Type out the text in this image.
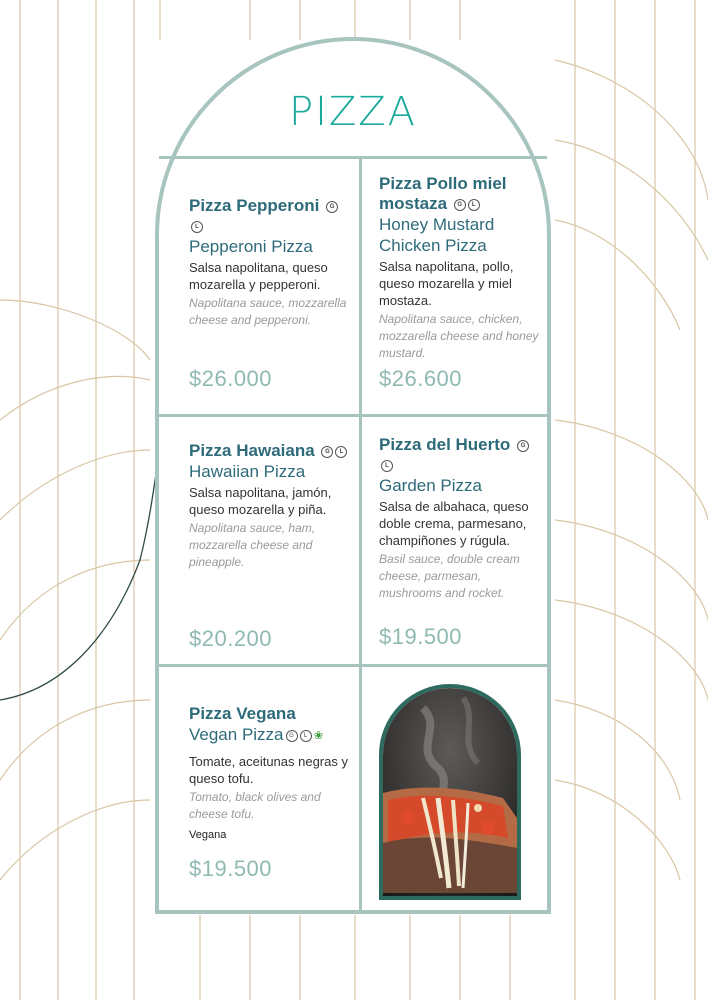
PIZZA

Pizza Pepperoni GL

Pepperoni Pizza

Salsa napolitana, queso mozarella y pepperoni.

Napolitana sauce, mozzarella cheese and pepperoni.

$26.000

Pizza Pollo miel mostaza G L

Honey Mustard Chicken Pizza

Salsa napolitana, pollo, queso mozarella y miel mostaza.

Napolitana sauce, chicken, mozzarella cheese and honey mustard.

$26.600

Pizza Hawaiana G L

Hawaiian Pizza

Salsa napolitana, jamón, queso mozarella y piña.

Napolitana sauce, ham, mozzarella cheese and pineapple.

$20.200

Pizza del Huerto GL

Garden Pizza

Salsa de albahaca, queso doble crema, parmesano, champiñones y rúgula.

Basil sauce, double cream cheese, parmesan, mushrooms and rocket.

$19.500

Pizza Vegana

Vegan Pizza G L ❀

Tomate, aceitunas negras y queso tofu.

Tomato, black olives and cheese tofu.

Vegana

$19.500
